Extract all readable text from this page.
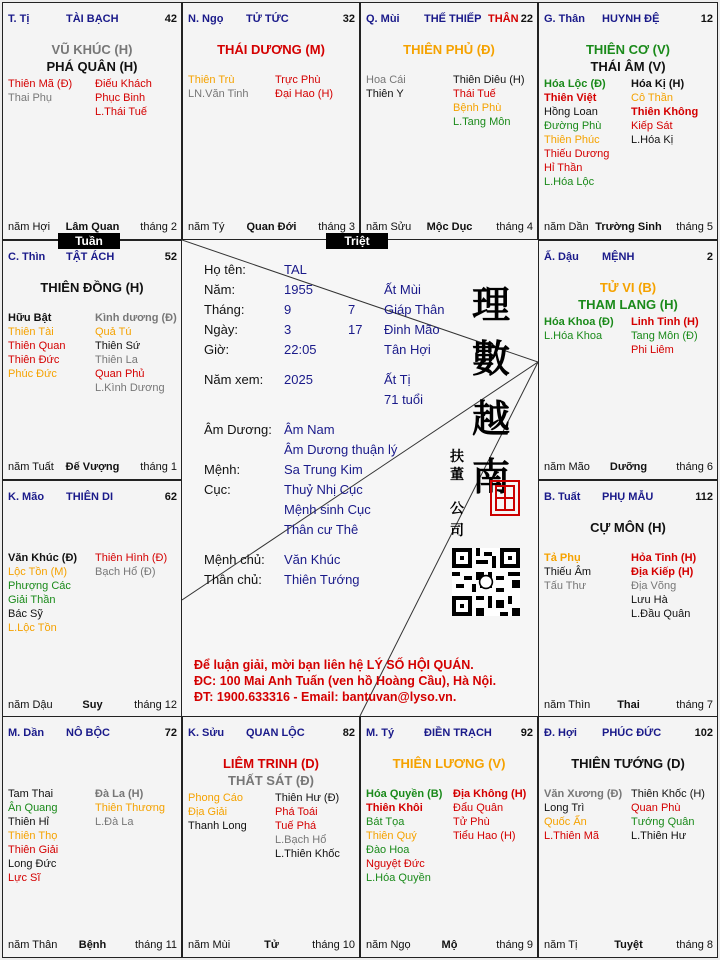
T. Tị	TÀI BẠCH	42
VŨ KHÚC (H)
PHÁ QUÂN (H)
Thiên Mã (Đ)
Thai Phụ
Điếu Khách
Phục Binh
L.Thái Tuế
năm Hợi	Lâm Quan	tháng 2
N. Ngọ TỬ TỨC	32
THÁI DƯƠNG (M)
Thiên Trù
LN.Văn Tinh
Trực Phù
Đại Hao (H)
năm Tý	Quan Đới	tháng 3
Q. Mùi THẾ THIẾP THÂN 22
THIÊN PHỦ (Đ)
Hoa Cái
Thiên Y
Thiên Diêu (H)
Thái Tuế
Bệnh Phù
L.Tang Môn
năm Sửu	Mộc Dục	tháng 4
G. Thân HUYNH ĐỆ	12
THIÊN CƠ (V)
THÁI ÂM (V)
Hóa Lộc (Đ)
Thiên Việt
Hồng Loan
Đường Phù
Thiên Phúc
Thiếu Dương
Hỉ Thần
L.Hóa Lộc
Hóa Kị (H)
Cô Thần
Thiên Không
Kiếp Sát
L.Hóa Kị
năm Dần Trường Sinh	tháng 5
C. Thìn TẬT ÁCH	52
THIÊN ĐỒNG (H)
Hữu Bật
Thiên Tài
Thiên Quan
Thiên Đức
Phúc Đức
Kình dương (Đ)
Quả Tú
Thiên Sứ
Thiên La
Quan Phủ
L.Kình Dương
năm Tuất	Đế Vượng	tháng 1
Ấ. Dậu MỆNH	2
TỬ VI (B)
THAM LANG (H)
Hóa Khoa (Đ)
L.Hóa Khoa
Linh Tinh (H)
Tang Môn (Đ)
Phi Liêm
năm Mão	Dưỡng	tháng 6
K. Mão THIÊN DI	62
Văn Khúc (Đ)
Lộc Tồn (M)
Phượng Các
Giải Thần
Bác Sỹ
L.Lộc Tồn
Thiên Hình (Đ)
Bạch Hổ (Đ)
năm Dậu	Suy	tháng 12
B. Tuất PHỤ MẪU	112
CỰ MÔN (H)
Tả Phụ
Thiếu Âm
Tấu Thư
Hỏa Tinh (H)
Địa Kiếp (H)
Địa Võng
Lưu Hà
L.Đầu Quân
năm Thìn	Thai	tháng 7
M. Dần NÔ BỘC	72
Tam Thai
Ân Quang
Thiên Hỉ
Thiên Thọ
Thiên Giải
Long Đức
Lực Sĩ
Đà La (H)
Thiên Thương
L.Đà La
năm Thân	Bệnh	tháng 11
K. Sửu QUAN LỘC	82
LIÊM TRINH (D)
THẤT SÁT (Đ)
Phong Cáo
Địa Giải
Thanh Long
Thiên Hư (Đ)
Phá Toái
Tuế Phá
L.Bạch Hổ
L.Thiên Khốc
năm Mùi	Tử	tháng 10
M. Tý	ĐIỀN TRẠCH	92
THIÊN LƯƠNG (V)
Hóa Quyền (B)
Thiên Khôi
Bát Tọa
Thiên Quý
Đào Hoa
Nguyệt Đức
L.Hóa Quyền
Địa Không (H)
Đẩu Quân
Tử Phù
Tiểu Hao (H)
năm Ngọ	Mộ	tháng 9
Đ. Hợi PHÚC ĐỨC	102
THIÊN TƯỚNG (D)
Văn Xương (Đ)
Long Trì
Quốc Ấn
L.Thiên Mã
Thiên Khốc (H)
Quan Phù
Tướng Quân
L.Thiên Hư
năm Tị	Tuyệt	tháng 8
Họ tên:	TAL
Năm:	1955	Ất Mùi
Tháng:	9	7 Giáp Thân
Ngày:	3	17 Đinh Mão
Giờ:	22:05	Tân Hợi
Năm xem: 2025	Ất Tị
71 tuổi
Âm Dương: Âm Nam
Âm Dương thuận lý
Mệnh:	Sa Trung Kim
Cục:	Thuỷ Nhị Cục
Mệnh sinh Cục
Thân cư Thê
Mệnh chủ: Văn Khúc
Thân chủ: Thiên Tướng
理
數
越
南
扶
董
公
司
Để luận giải, mời bạn liên hệ LÝ SỐ HỘI QUÁN.
ĐC: 100 Mai Anh Tuấn (ven hồ Hoàng Cầu), Hà Nội.
ĐT: 1900.633316 - Email: bantuvan@lyso.vn.
Tuần	Triệt
